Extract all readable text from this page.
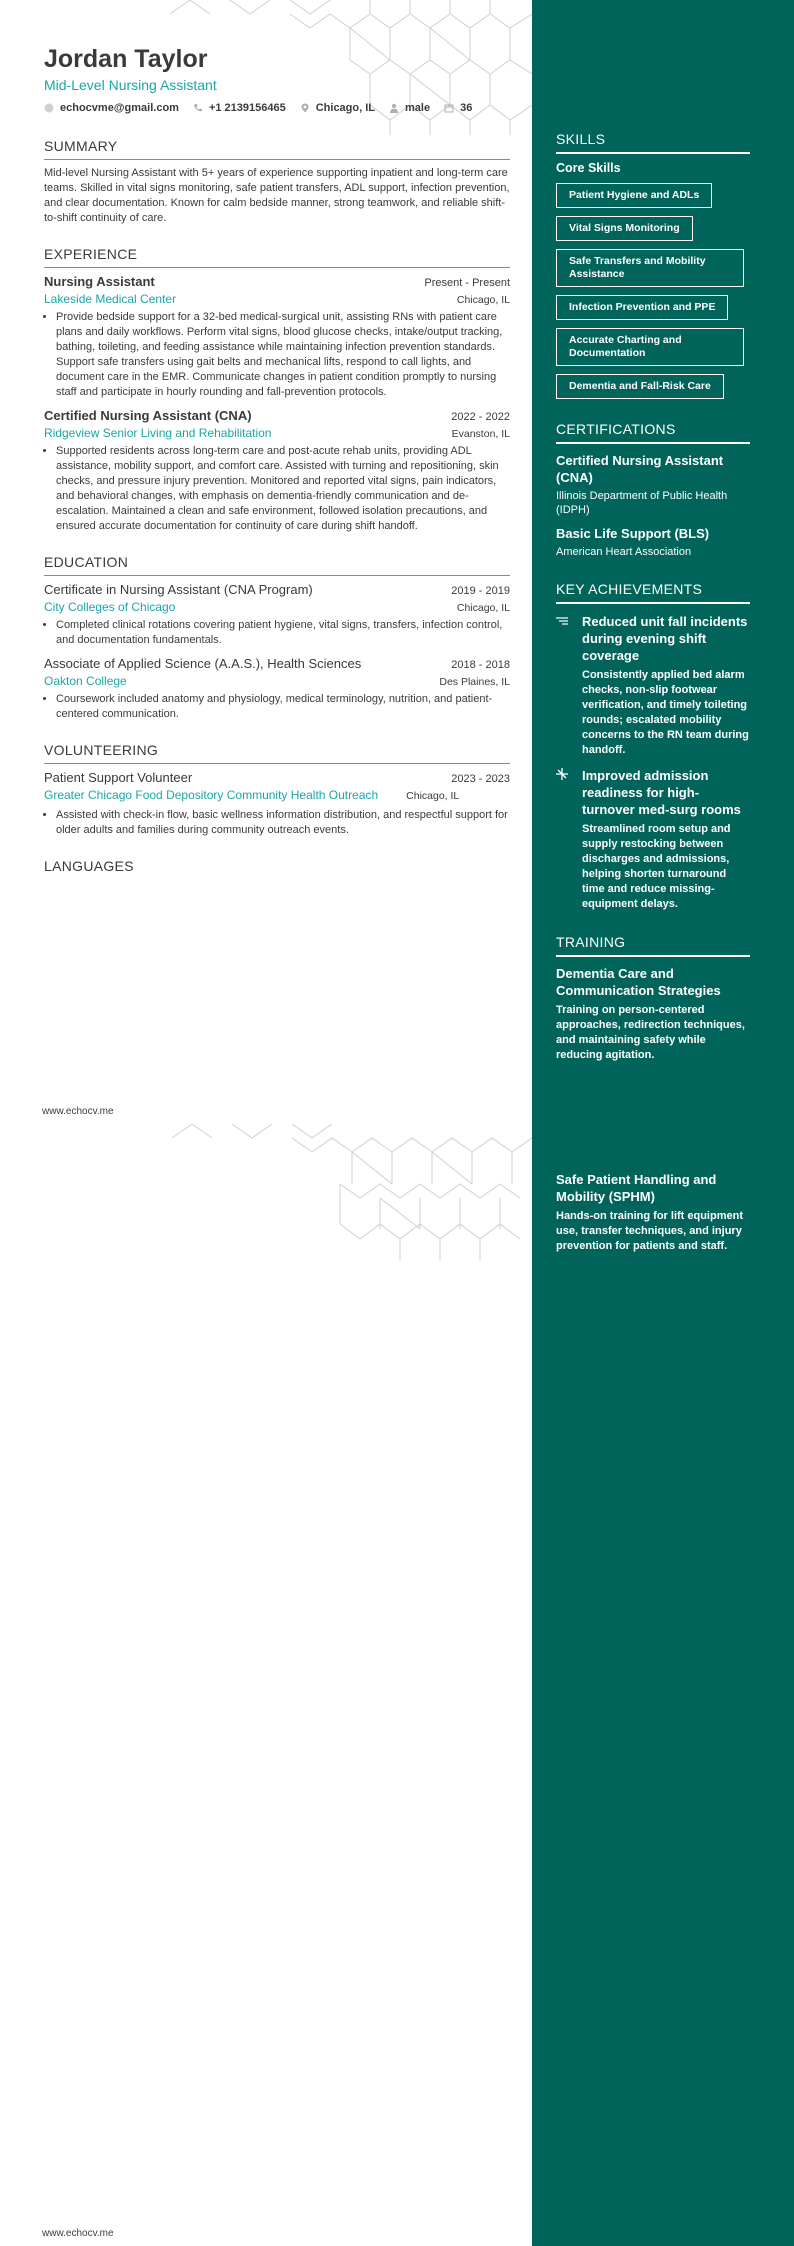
Jordan Taylor
Mid-Level Nursing Assistant
echocvme@gmail.com	+1 2139156465	Chicago, IL	male	36
SUMMARY

Mid-level Nursing Assistant with 5+ years of experience supporting inpatient and long-term care teams. Skilled in vital signs monitoring, safe patient transfers, ADL support, infection prevention, and clear documentation. Known for calm bedside manner, strong teamwork, and reliable shift-to-shift continuity of care.

EXPERIENCE
Nursing Assistant	Present - Present
Lakeside Medical Center	Chicago, IL
• Provide bedside support for a 32-bed medical-surgical unit, assisting RNs with patient care plans and daily workflows. Perform vital signs, blood glucose checks, intake/output tracking, bathing, toileting, and feeding assistance while maintaining infection prevention standards. Support safe transfers using gait belts and mechanical lifts, respond to call lights, and document care in the EMR. Communicate changes in patient condition promptly to nursing staff and participate in hourly rounding and fall-prevention protocols.
Certified Nursing Assistant (CNA)	2022 - 2022
Ridgeview Senior Living and Rehabilitation	Evanston, IL
• Supported residents across long-term care and post-acute rehab units, providing ADL assistance, mobility support, and comfort care. Assisted with turning and repositioning, skin checks, and pressure injury prevention. Monitored and reported vital signs, pain indicators, and behavioral changes, with emphasis on dementia-friendly communication and de-escalation. Maintained a clean and safe environment, followed isolation precautions, and ensured accurate documentation for continuity of care during shift handoff.
EDUCATION
Certificate in Nursing Assistant (CNA Program)	2019 - 2019
City Colleges of Chicago	Chicago, IL
• Completed clinical rotations covering patient hygiene, vital signs, transfers, infection control, and documentation fundamentals.
Associate of Applied Science (A.A.S.), Health Sciences	2018 - 2018
Oakton College	Des Plaines, IL
• Coursework included anatomy and physiology, medical terminology, nutrition, and patient-centered communication.
VOLUNTEERING
Patient Support Volunteer	2023 - 2023
Greater Chicago Food Depository Community Health Outreach	Chicago, IL
• Assisted with check-in flow, basic wellness information distribution, and respectful support for older adults and families during community outreach events.
LANGUAGES
SKILLS
Core Skills
Patient Hygiene and ADLs
Vital Signs Monitoring
Safe Transfers and Mobility Assistance
Infection Prevention and PPE
Accurate Charting and Documentation
Dementia and Fall-Risk Care
CERTIFICATIONS
Certified Nursing Assistant (CNA)
Illinois Department of Public Health (IDPH)
Basic Life Support (BLS)
American Heart Association
KEY ACHIEVEMENTS
Reduced unit fall incidents during evening shift coverage
Consistently applied bed alarm checks, non-slip footwear verification, and timely toileting rounds; escalated mobility concerns to the RN team during handoff.
Improved admission readiness for high-turnover med-surg rooms
Streamlined room setup and supply restocking between discharges and admissions, helping shorten turnaround time and reduce missing-equipment delays.
TRAINING
Dementia Care and Communication Strategies
Training on person-centered approaches, redirection techniques, and maintaining safety while reducing agitation.
Safe Patient Handling and Mobility (SPHM)
Hands-on training for lift equipment use, transfer techniques, and injury prevention for patients and staff.
www.echocv.me
www.echocv.me
